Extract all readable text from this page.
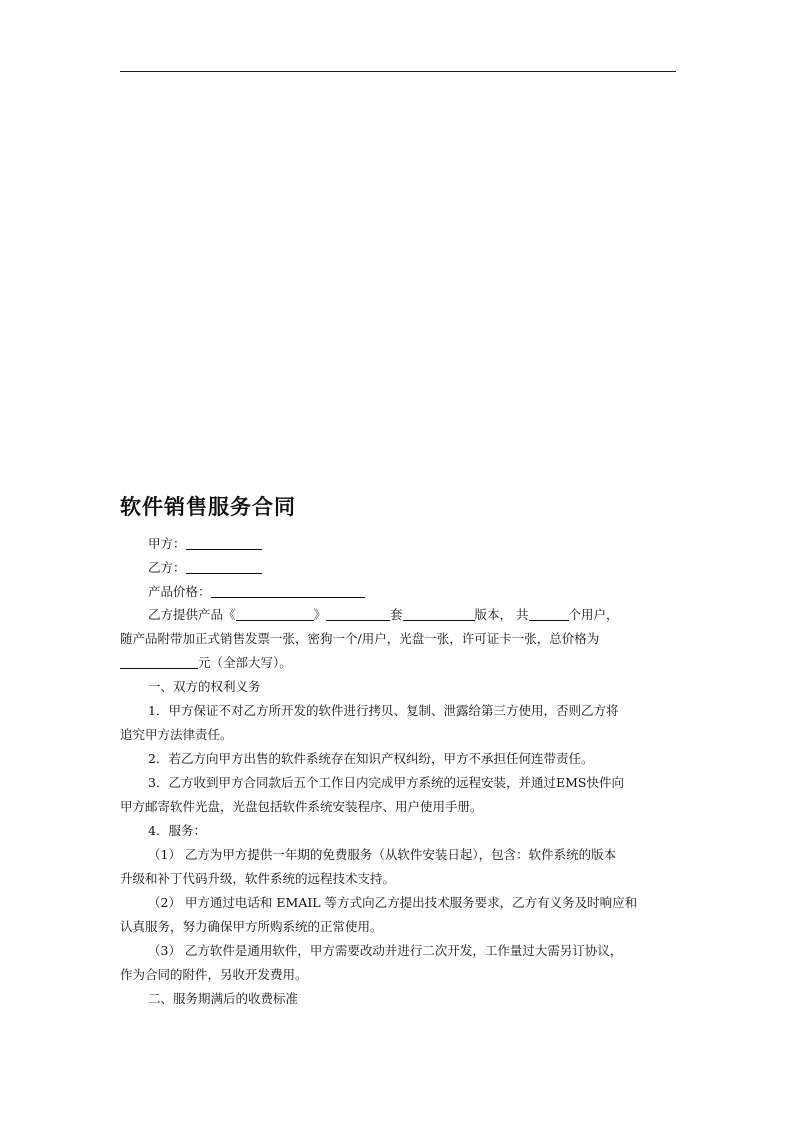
软件销售服务合同
甲方：
乙方：
产品价格：
乙方提供产品《	》	套	版本， 共	个用户，
随产品附带加正式销售发票一张，密狗一个/用户，光盘一张，许可证卡一张，总价格为
元（全部大写）。
一、双方的权利义务
1．甲方保证不对乙方所开发的软件进行拷贝、复制、泄露给第三方使用，否则乙方将
追究甲方法律责任。
2．若乙方向甲方出售的软件系统存在知识产权纠纷，甲方不承担任何连带责任。
3．乙方收到甲方合同款后五个工作日内完成甲方系统的远程安装，并通过EMS快件向
甲方邮寄软件光盘，光盘包括软件系统安装程序、用户使用手册。
4．服务：
（1） 乙方为甲方提供一年期的免费服务（从软件安装日起），包含：软件系统的版本
升级和补丁代码升级，软件系统的远程技术支持。
（2） 甲方通过电话和 EMAIL 等方式向乙方提出技术服务要求，乙方有义务及时响应和
认真服务，努力确保甲方所购系统的正常使用。
（3） 乙方软件是通用软件，甲方需要改动并进行二次开发，工作量过大需另订协议，
作为合同的附件，另收开发费用。
二、服务期满后的收费标准
